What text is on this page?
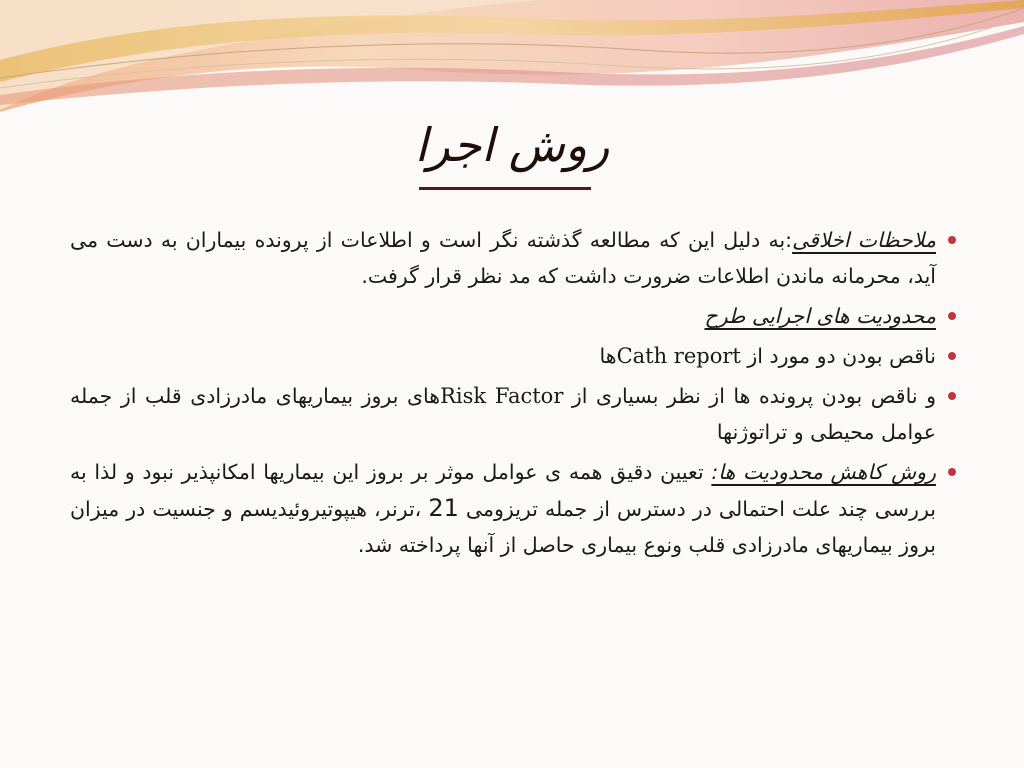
روش اجرا
ملاحظات اخلاقی:به دلیل این که مطالعه گذشته نگر است و اطلاعات از پرونده بیماران به دست می آید، محرمانه ماندن اطلاعات ضرورت داشت که مد نظر قرار گرفت.
محدودیت های اجرایی طرح
ناقص بودن دو مورد از Cath reportها
و ناقص بودن پرونده ها از نظر بسیاری از Risk Factorهای بروز بیماریهای مادرزادی قلب از جمله عوامل محیطی و تراتوژنها
روش کاهش محدودیت ها: تعیین دقیق همه ی عوامل موثر بر بروز این بیماریها امکانپذیر نبود و لذا به بررسی چند علت احتمالی در دسترس از جمله تریزومی 21 ،ترنر، هیپوتیروئیدیسم و جنسیت در میزان بروز بیماریهای مادرزادی قلب ونوع بیماری حاصل از آنها پرداخته شد.
